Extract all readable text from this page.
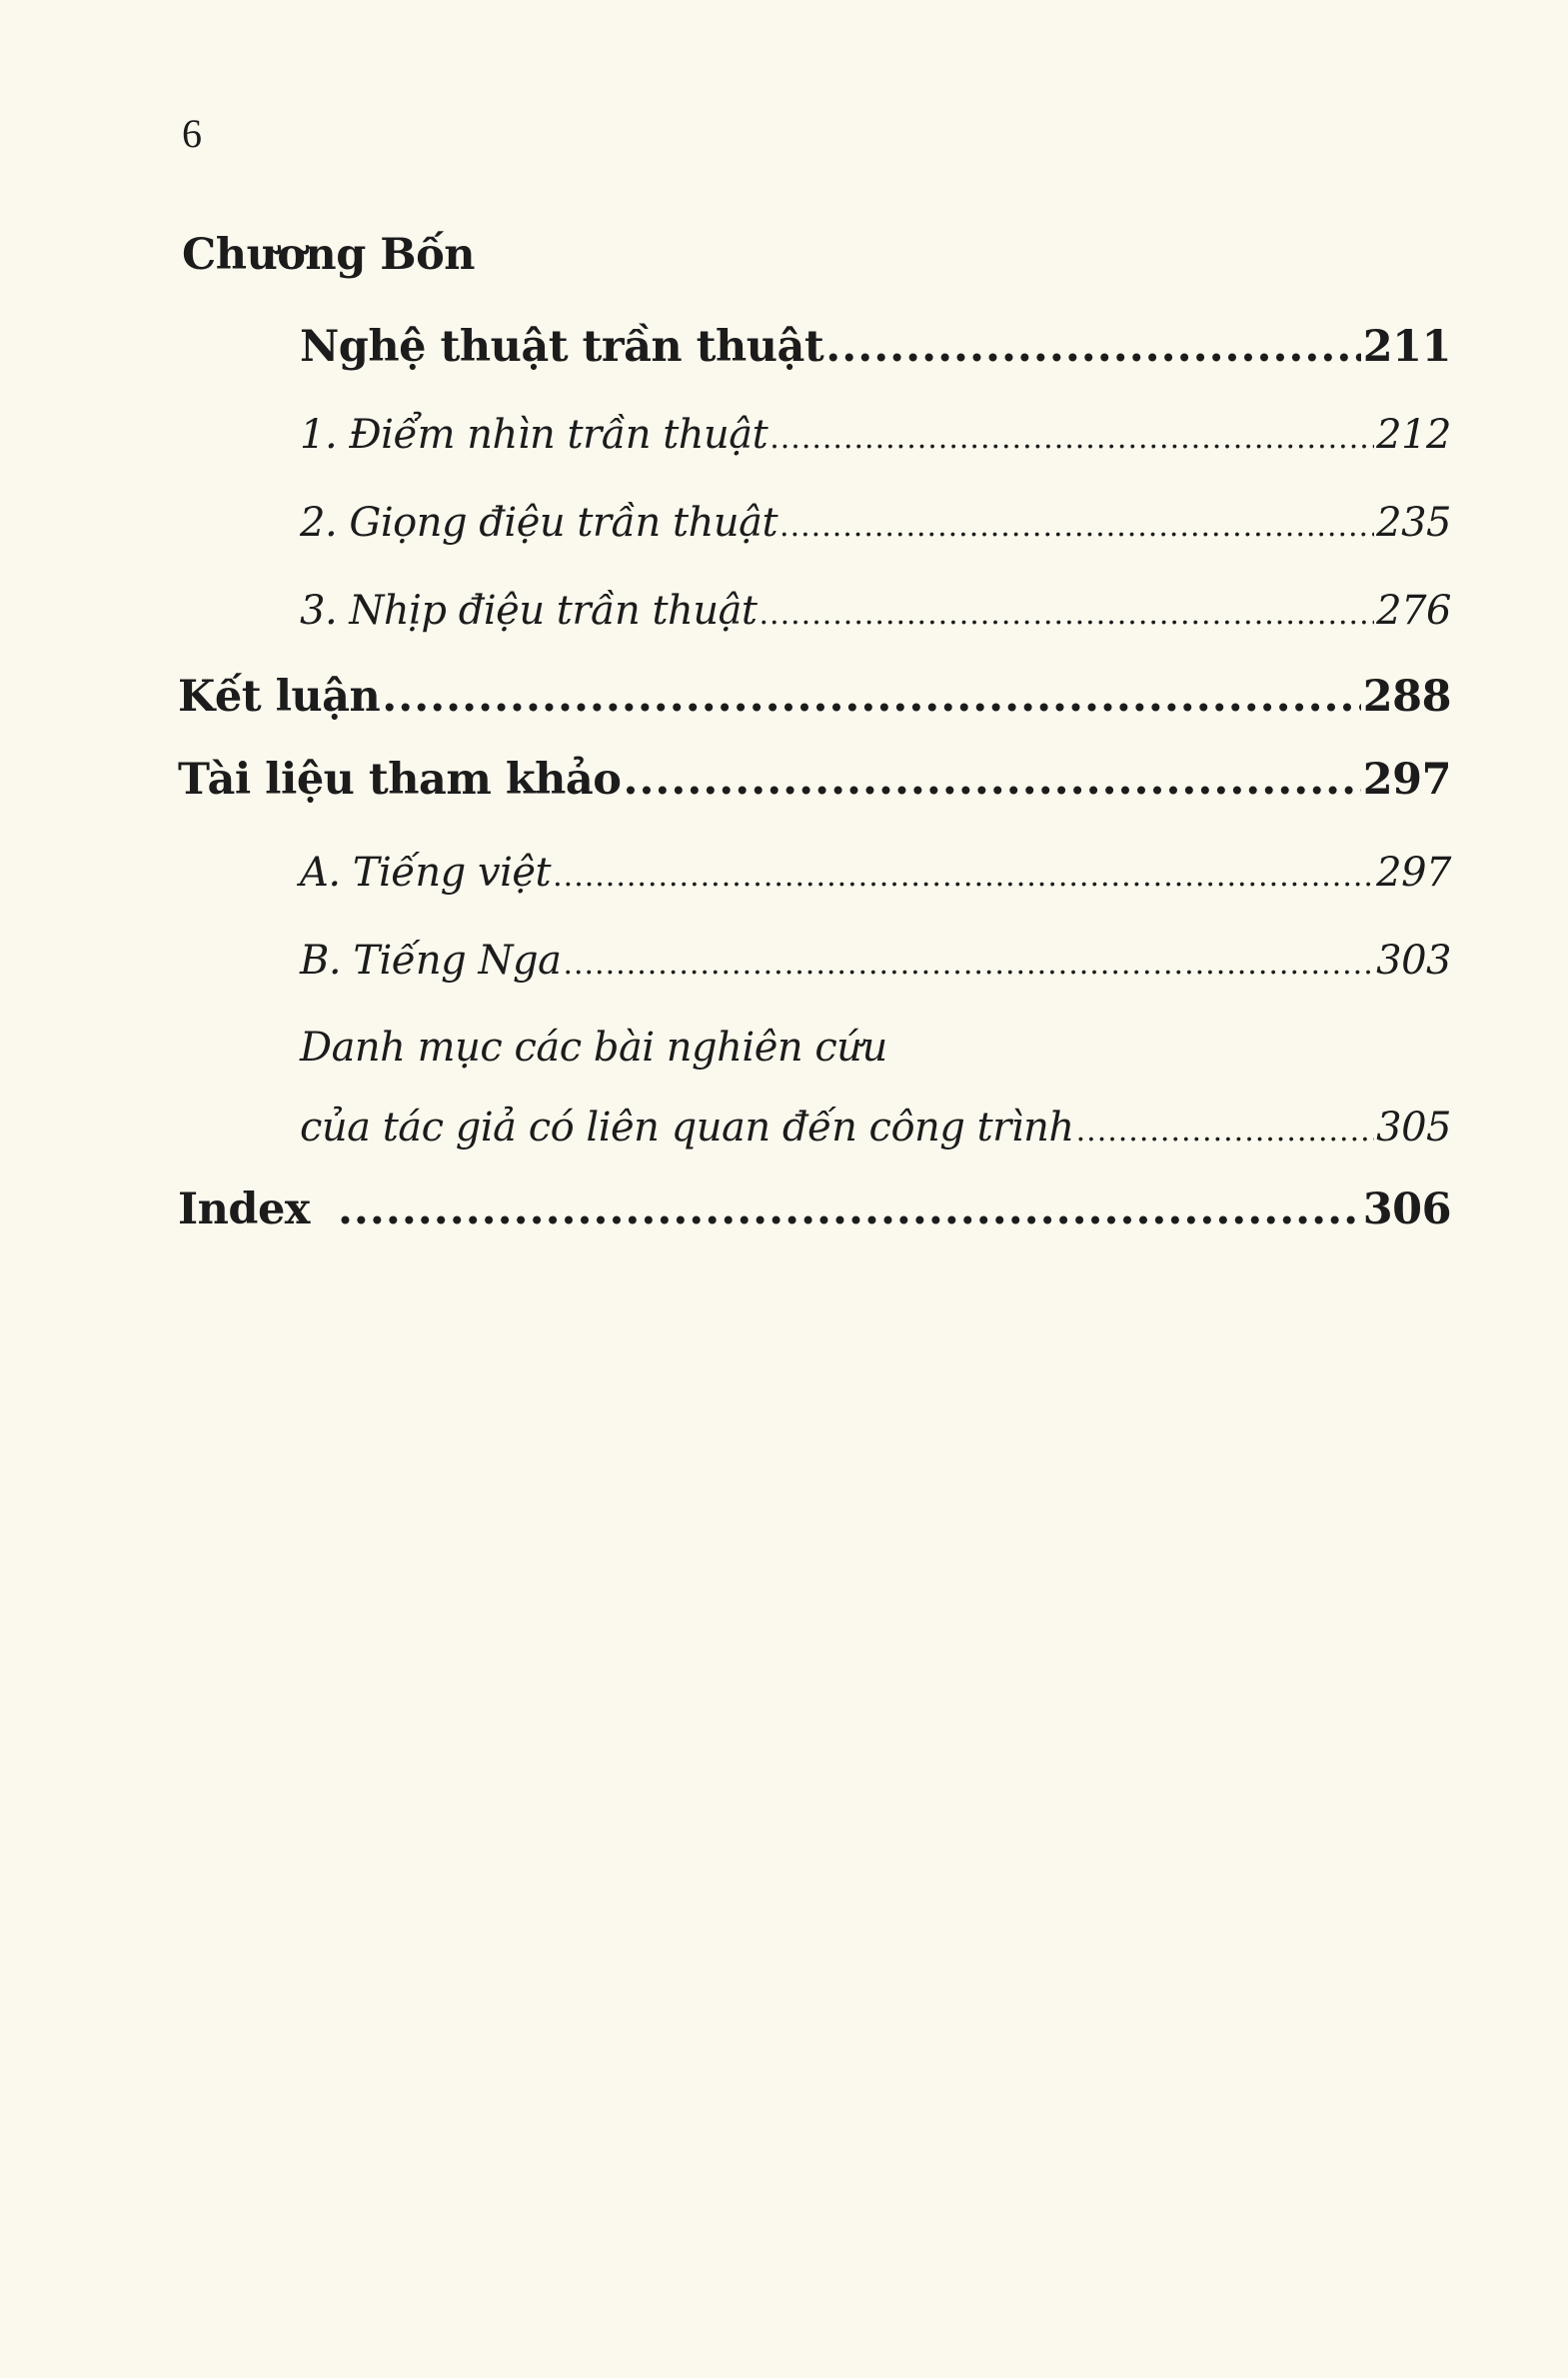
6
Chương Bốn
Nghệ thuật trần thuật .....	211
1. Điểm nhìn trần thuật .....	212
2. Giọng điệu trần thuật .....	235
3. Nhịp điệu trần thuật .....	276
Kết luận .....	288
Tài liệu tham khảo .....	297
A. Tiếng việt .....	297
B. Tiếng Nga .....	303
Danh mục các bài nghiên cứu
của tác giả có liên quan đến công trình .....	305
Index .....	306
